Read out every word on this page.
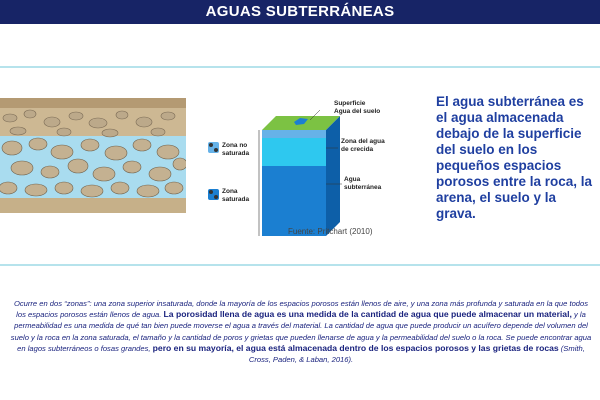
AGUAS SUBTERRÁNEAS
Superficie
Agua del suelo
Zona del agua
de crecida
Agua
subterránea
Zona no
saturada
Zona
saturada
Fuente: Pritchart (2010)
El agua subterránea es el agua almacenada debajo de la superficie del suelo en los pequeños espacios porosos entre la roca, la arena, el suelo y la grava.
Ocurre en dos “zonas”: una zona superior insaturada, donde la mayoría de los espacios porosos están llenos de aire, y una zona más profunda y saturada en la que todos los espacios porosos están llenos de agua. La porosidad llena de agua es una medida de la cantidad de agua que puede almacenar un material, y la permeabilidad es una medida de qué tan bien puede moverse el agua a través del material. La cantidad de agua que puede producir un acuífero depende del volumen del suelo y la roca en la zona saturada, el tamaño y la cantidad de poros y grietas que pueden llenarse de agua y la permeabilidad del suelo o la roca. Se puede encontrar agua en lagos subterráneos o fosas grandes, pero en su mayoría, el agua está almacenada dentro de los espacios porosos y las grietas de rocas (Smith, Cross, Paden, & Laban, 2016).
